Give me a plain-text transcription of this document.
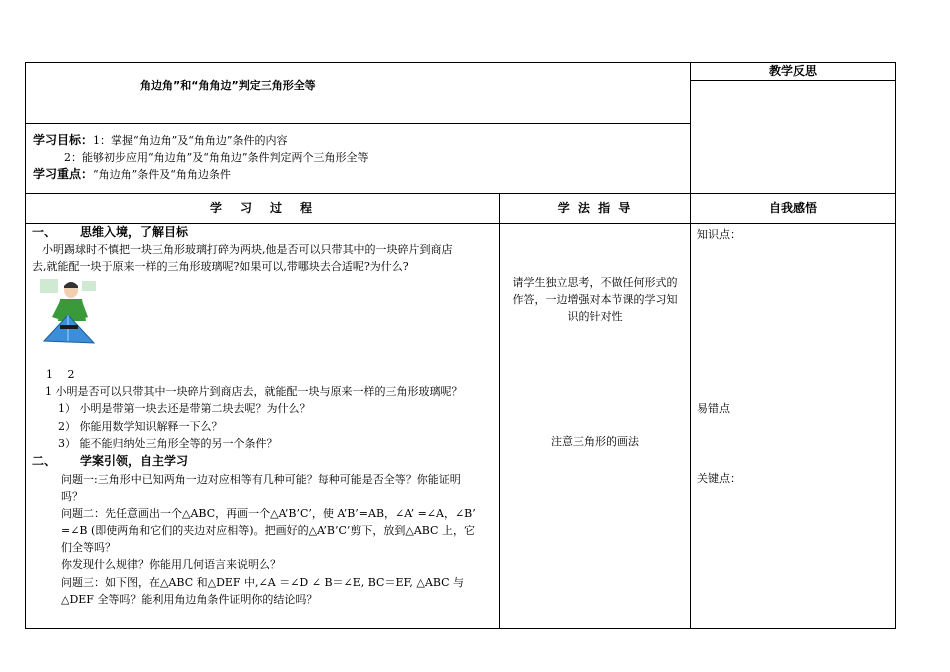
角边角”和“角角边”判定三角形全等
教学反思
学习目标：1：掌握“角边角”及“角角边”条件的内容
2：能够初步应用“角边角”及“角角边”条件判定两个三角形全等
学习重点：“角边角”条件及“角角边条件
学　习　过　程	学 法 指 导	自我感悟
一、 思维入境，了解目标
小明踢球时不慎把一块三角形玻璃打碎为两块,他是否可以只带其中的一块碎片到商店
去,就能配一块于原来一样的三角形玻璃呢?如果可以,带哪块去合适呢?为什么?
1　 2
1 小明是否可以只带其中一块碎片到商店去，就能配一块与原来一样的三角形玻璃呢？
1） 小明是带第一块去还是带第二块去呢？为什么？
2） 你能用数学知识解释一下么？
3） 能不能归纳处三角形全等的另一个条件？
二、 学案引领，自主学习
问题一:三角形中已知两角一边对应相等有几种可能？每种可能是否全等？你能证明
吗？
问题二：先任意画出一个△ABC，再画一个△A’B’C’，使 A’B’=AB，∠A’ =∠A，∠B’
=∠B (即使两角和它们的夹边对应相等)。把画好的△A’B’C’剪下，放到△ABC 上，它
们全等吗？
你发现什么规律？你能用几何语言来说明么？
问题三：如下图，在△ABC 和△DEF 中,∠A ＝∠D ∠ B＝∠E, BC＝EF, △ABC 与
△DEF 全等吗？能利用角边角条件证明你的结论吗？
请学生独立思考，不做任何形式的
作答，一边增强对本节课的学习知
识的针对性
注意三角形的画法
知识点：
易错点
关键点：
